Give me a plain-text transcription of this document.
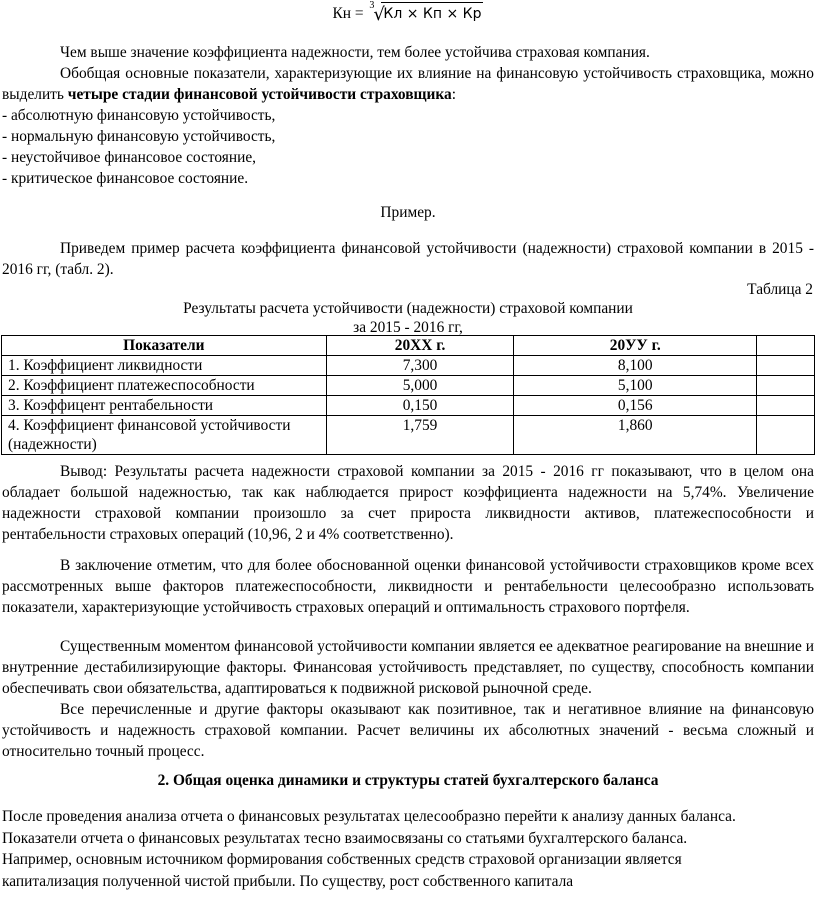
Кн = 3 √
Кл × Кп × Кр
Чем выше значение коэффициента надежности, тем более устойчива страховая компания.
Обобщая основные показатели, характеризующие их влияние на финансовую устойчивость страховщика, можно выделить четыре стадии финансовой устойчивости страховщика:
- абсолютную финансовую устойчивость,
- нормальную финансовую устойчивость,
- неустойчивое финансовое состояние,
- критическое финансовое состояние.
Пример.
Приведем пример расчета коэффициента финансовой устойчивости (надежности) страховой компании в 2015 - 2016 гг, (табл. 2).
Таблица 2
Результаты расчета устойчивости (надежности) страховой компании
за 2015 - 2016 гг,
Показатели	20XX г.	20УУ г.	
1. Коэффициент ликвидности	7,300	8,100	
2. Коэффициент платежеспособности	5,000	5,100	
3. Коэффицент рентабельности	0,150	0,156	
4. Коэффициент финансовой устойчивости (надежности)	1,759	1,860	
Вывод: Результаты расчета надежности страховой компании за 2015 - 2016 гг показывают, что в целом она обладает большой надежностью, так как наблюдается прирост коэффициента надежности на 5,74%. Увеличение надежности страховой компании произошло за счет прироста ликвидности активов, платежеспособности и рентабельности страховых операций (10,96, 2 и 4% соответственно).
В заключение отметим, что для более обоснованной оценки финансовой устойчивости страховщиков кроме всех рассмотренных выше факторов платежеспособности, ликвидности и рентабельности целесообразно использовать показатели, характеризующие устойчивость страховых операций и оптимальность страхового портфеля.
Существенным моментом финансовой устойчивости компании является ее адекватное реагирование на внешние и внутренние дестабилизирующие факторы. Финансовая устойчивость представляет, по существу, способность компании обеспечивать свои обязательства, адаптироваться к подвижной рисковой рыночной среде.
Все перечисленные и другие факторы оказывают как позитивное, так и негативное влияние на финансовую устойчивость и надежность страховой компании. Расчет величины их абсолютных значений - весьма сложный и относительно точный процесс.
2. Общая оценка динамики и структуры статей бухгалтерского баланса
После проведения анализа отчета о финансовых результатах целесообразно перейти к анализу данных баланса.
Показатели отчета о финансовых результатах тесно взаимосвязаны со статьями бухгалтерского баланса.
Например, основным источником формирования собственных средств страховой организации является
капитализация полученной чистой прибыли. По существу, рост собственного капитала
